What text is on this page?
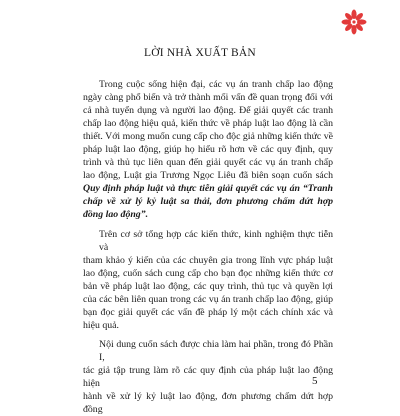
LỜI NHÀ XUẤT BẢN
Trong cuộc sống hiện đại, các vụ án tranh chấp lao động
ngày càng phổ biến và trở thành mối vấn đề quan trọng đối với
cả nhà tuyển dụng và người lao động. Để giải quyết các tranh
chấp lao động hiệu quả, kiến thức về pháp luật lao động là cần
thiết. Với mong muốn cung cấp cho độc giả những kiến thức về
pháp luật lao động, giúp họ hiểu rõ hơn về các quy định, quy
trình và thủ tục liên quan đến giải quyết các vụ án tranh chấp
lao động, Luật gia Trương Ngọc Liêu đã biên soạn cuốn sách
Quy định pháp luật và thực tiễn giải quyết các vụ án “Tranh
chấp về xử lý kỷ luật sa thải, đơn phương chấm dứt hợp
đồng lao động”.
Trên cơ sở tổng hợp các kiến thức, kinh nghiệm thực tiễn và
tham khảo ý kiến của các chuyên gia trong lĩnh vực pháp luật
lao động, cuốn sách cung cấp cho bạn đọc những kiến thức cơ
bản về pháp luật lao động, các quy trình, thủ tục và quyền lợi
của các bên liên quan trong các vụ án tranh chấp lao động, giúp
bạn đọc giải quyết các vấn đề pháp lý một cách chính xác và
hiệu quả.
Nội dung cuốn sách được chia làm hai phần, trong đó Phần I,
tác giả tập trung làm rõ các quy định của pháp luật lao động hiện
hành về xử lý kỷ luật lao động, đơn phương chấm dứt hợp đồng
5
